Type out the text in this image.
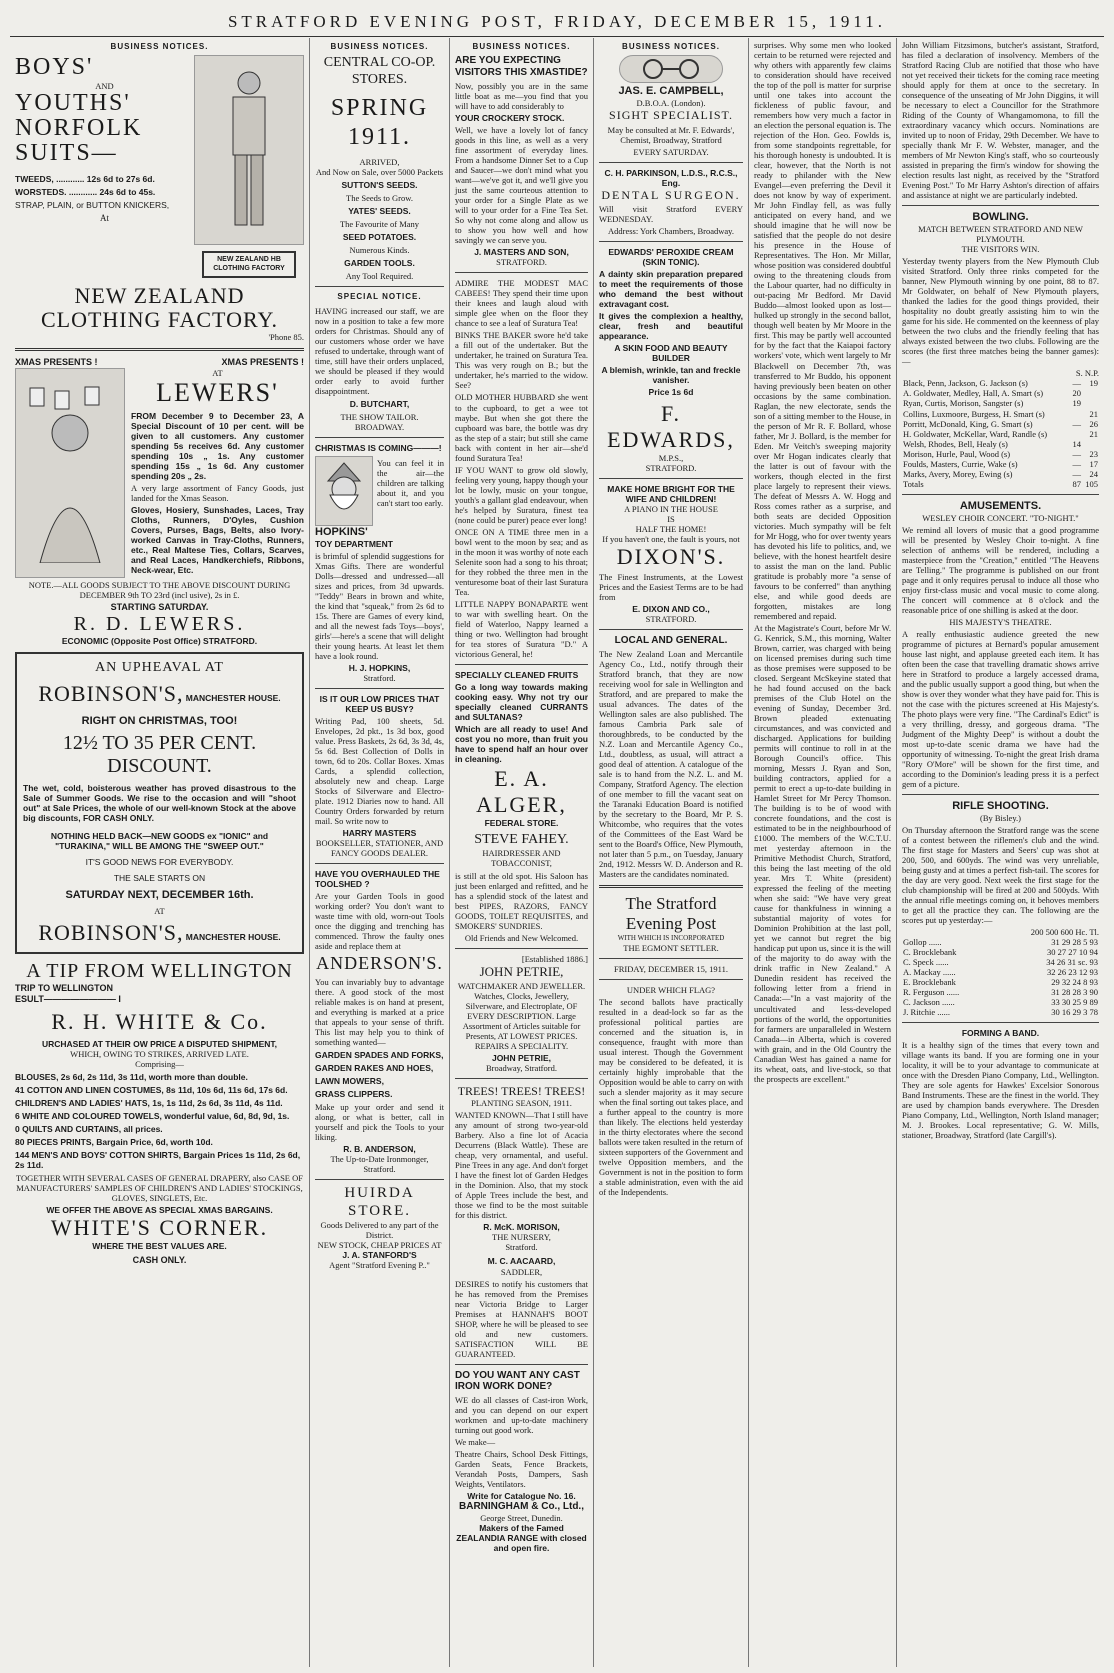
STRATFORD EVENING POST, FRIDAY, DECEMBER 15, 1911.
BUSINESS NOTICES.
BOYS'
AND
YOUTHS'
NORFOLK
SUITS—
TWEEDS, ............ 12s 6d to 27s 6d.
WORSTEDS. ............ 24s 6d to 45s.
STRAP, PLAIN, or BUTTON KNICKERS,
At
NEW ZEALAND HB CLOTHING FACTORY
NEW ZEALAND CLOTHING FACTORY.
'Phone 85.
XMAS PRESENTS !	XMAS PRESENTS !
AT
LEWERS'

FROM December 9 to December 23, A Special Discount of 10 per cent. will be given to all customers. Any customer spending 5s receives 6d. Any customer spending 10s „ 1s. Any customer spending 15s „ 1s 6d. Any customer spending 20s „ 2s.

A very large assortment of Fancy Goods, just landed for the Xmas Season.

Gloves, Hosiery, Sunshades, Laces, Tray Cloths, Runners, D'Oyles, Cushion Covers, Purses, Bags, Belts, also Ivory-worked Canvas in Tray-Cloths, Runners, etc., Real Maltese Ties, Collars, Scarves, and Real Laces, Handkerchiefs, Ribbons, Neck-wear, Etc.

NOTE.—ALL GOODS SUBJECT TO THE ABOVE DISCOUNT DURING DECEMBER 9th TO 23rd (incl usive), 2s in £.

STARTING SATURDAY.
R. D. LEWERS.
ECONOMIC (Opposite Post Office) STRATFORD.
AN UPHEAVAL AT
ROBINSON'S, MANCHESTER HOUSE.
RIGHT ON CHRISTMAS, TOO!
12½ TO 35 PER CENT. DISCOUNT.

The wet, cold, boisterous weather has proved disastrous to the Sale of Summer Goods. We rise to the occasion and will "shoot out" at Sale Prices, the whole of our well-known Stock at the above big discounts, FOR CASH ONLY.

NOTHING HELD BACK—NEW GOODS ex "IONIC" and "TURAKINA," WILL BE AMONG THE "SWEEP OUT."

IT'S GOOD NEWS FOR EVERYBODY.
THE SALE STARTS ON
SATURDAY NEXT, DECEMBER 16th.
AT
ROBINSON'S, MANCHESTER HOUSE.
A TIP FROM WELLINGTON
TRIP TO WELLINGTON
ESULT———————— I
R. H. WHITE & Co.
URCHASED AT THEIR OW PRICE A DISPUTED SHIPMENT,
WHICH, OWING TO STRIKES, ARRIVED LATE.
Comprising—
BLOUSES, 2s 6d, 2s 11d, 3s 11d, worth more than double.
41 COTTON AND LINEN COSTUMES, 8s 11d, 10s 6d, 11s 6d, 17s 6d.
CHILDREN'S AND LADIES' HATS, 1s, 1s 11d, 2s 6d, 3s 11d, 4s 11d.
6 WHITE AND COLOURED TOWELS, wonderful value, 6d, 8d, 9d, 1s.
0 QUILTS AND CURTAINS, all prices.
80 PIECES PRINTS, Bargain Price, 6d, worth 10d.
144 MEN'S AND BOYS' COTTON SHIRTS, Bargain Prices 1s 11d, 2s 6d, 2s 11d.

TOGETHER WITH SEVERAL CASES OF GENERAL DRAPERY, also CASE OF MANUFACTURERS' SAMPLES OF CHILDREN'S AND LADIES' STOCKINGS, GLOVES, SINGLETS, Etc.

WE OFFER THE ABOVE AS SPECIAL XMAS BARGAINS.
WHITE'S CORNER.
WHERE THE BEST VALUES ARE.
CASH ONLY.
BUSINESS NOTICES.
CENTRAL CO-OP. STORES.
SPRING 1911.
ARRIVED,
And Now on Sale, over 5000 Packets
SUTTON'S SEEDS.
The Seeds to Grow.
YATES' SEEDS.
The Favourite of Many
SEED POTATOES.
Numerous Kinds.
GARDEN TOOLS.
Any Tool Required.
SPECIAL NOTICE.

HAVING increased our staff, we are now in a position to take a few more orders for Christmas. Should any of our customers whose order we have refused to undertake, through want of time, still have their orders unplaced, we should be pleased if they would order early to avoid further disappointment.

D. BUTCHART,
THE SHOW TAILOR.
BROADWAY.
CHRISTMAS IS COMING———!

You can feel it in the air—the children are talking about it, and you can't start too early.

HOPKINS'
TOY DEPARTMENT

is brimful of splendid suggestions for Xmas Gifts. There are wonderful Dolls—dressed and undressed—all sizes and prices, from 3d upwards. "Teddy" Bears in brown and white, the kind that "squeak," from 2s 6d to 15s. There are Games of every kind, and all the newest fads Toys—boys', girls'—here's a scene that will delight their young hearts. At least let them have a look round.

H. J. HOPKINS,
Stratford.
IS IT OUR LOW PRICES THAT KEEP US BUSY?

Writing Pad, 100 sheets, 5d. Envelopes, 2d pkt., 1s 3d box, good value. Press Baskets, 2s 6d, 3s 3d, 4s, 5s 6d. Best Collection of Dolls in town, 6d to 20s. Collar Boxes. Xmas Cards, a splendid collection, absolutely new and cheap. Large Stocks of Silverware and Electro-plate. 1912 Diaries now to hand. All Country Orders forwarded by return mail. So write now to

HARRY MASTERS
BOOKSELLER, STATIONER, AND FANCY GOODS DEALER.
HAVE YOU OVERHAULED THE TOOLSHED ?

Are your Garden Tools in good working order? You don't want to waste time with old, worn-out Tools once the digging and trenching has commenced. Throw the faulty ones aside and replace them at

ANDERSON'S.

You can invariably buy to advantage there. A good stock of the most reliable makes is on hand at present, and everything is marked at a price that appeals to your sense of thrift. This list may help you to think of something wanted—

GARDEN SPADES AND FORKS,
GARDEN RAKES AND HOES,
LAWN MOWERS,
GRASS CLIPPERS.

Make up your order and send it along, or what is better, call in yourself and pick the Tools to your liking.

R. B. ANDERSON,
The Up-to-Date Ironmonger,
Stratford.
HUIRDA STORE.
Goods Delivered to any part of the District.
NEW STOCK, CHEAP PRICES AT
J. A. STANFORD'S
Agent "Stratford Evening P.."
BUSINESS NOTICES.
ARE YOU EXPECTING VISITORS THIS XMASTIDE?

Now, possibly you are in the same little boat as me—you find that you will have to add considerably to

YOUR CROCKERY STOCK.

Well, we have a lovely lot of fancy goods in this line, as well as a very fine assortment of everyday lines. From a handsome Dinner Set to a Cup and Saucer—we don't mind what you want—we've got it, and we'll give you just the same courteous attention to your order for a Single Plate as we will to your order for a Fine Tea Set. So why not come along and allow us to show you how well and how savingly we can serve you.

J. MASTERS AND SON,
STRATFORD.

ADMIRE THE MODEST MAC CABEES! They spend their time upon their knees and laugh aloud with simple glee when on the floor they chance to see a leaf of Suratura Tea!

BINKS THE BAKER swore he'd take a fill out of the undertaker. But the undertaker, he trained on Suratura Tea. This was very rough on B.; but the undertaker, he's married to the widow. See?

OLD MOTHER HUBBARD she went to the cupboard, to get a wee tot maybe. But when she got there the cupboard was bare, the bottle was dry as the step of a stair; but still she came back with content in her air—she'd found Suratura Tea!

IF YOU WANT to grow old slowly, feeling very young, happy though your lot be lowly, music on your tongue, youth's a gallant glad endeavour, when he's helped by Suratura, finest tea (none could be purer) peace ever long!

ONCE ON A TIME three men in a bowl went to the moon by sea; and as in the moon it was worthy of note each Selenite soon had a song to his throat; for they robbed the three men in the venturesome boat of their last Suratura Tea.

LITTLE NAPPY BONAPARTE went to war with swelling heart. On the field of Waterloo, Nappy learned a thing or two. Wellington had brought for tea stores of Suratura "D." A victorious General, he!

SPECIALLY CLEANED FRUITS

Go a long way towards making cooking easy. Why not try our specially cleaned CURRANTS and SULTANAS?

Which are all ready to use! And cost you no more, than fruit you have to spend half an hour over in cleaning.

E. A. ALGER,
FEDERAL STORE.
STEVE FAHEY.
HAIRDRESSER AND TOBACCONIST,

is still at the old spot. His Saloon has just been enlarged and refitted, and he has a splendid stock of the latest and best PIPES, RAZORS, FANCY GOODS, TOILET REQUISITES, and SMOKERS' SUNDRIES.

Old Friends and New Welcomed.
[Established 1886.]
JOHN PETRIE,

WATCHMAKER AND JEWELLER. Watches, Clocks, Jewellery, Silverware, and Electroplate, OF EVERY DESCRIPTION. Large Assortment of Articles suitable for Presents, AT LOWEST PRICES. REPAIRS A SPECIALITY.

JOHN PETRIE,
Broadway, Stratford.
TREES! TREES! TREES!
PLANTING SEASON, 1911.

WANTED KNOWN—That I still have any amount of strong two-year-old Barbery. Also a fine lot of Acacia Decurrens (Black Wattle). These are cheap, very ornamental, and useful. Pine Trees in any age. And don't forget I have the finest lot of Garden Hedges in the Dominion. Also, that my stock of Apple Trees include the best, and those we find to be the most suitable for this district.

R. McK. MORISON,
THE NURSERY,
Stratford.
M. C. AACAARD,
SADDLER,

DESIRES to notify his customers that he has removed from the Premises near Victoria Bridge to Larger Premises at HANNAH'S BOOT SHOP, where he will be pleased to see old and new customers. SATISFACTION WILL BE GUARANTEED.

DO YOU WANT ANY CAST IRON WORK DONE?

WE do all classes of Cast-iron Work, and you can depend on our expert workmen and up-to-date machinery turning out good work.

We make—

Theatre Chairs, School Desk Fittings, Garden Seats, Fence Brackets, Verandah Posts, Dampers, Sash Weights, Ventilators.

Write for Catalogue No. 16.
BARNINGHAM & Co., Ltd.,
George Street, Dunedin.
Makers of the Famed ZEALANDIA RANGE with closed and open fire.
BUSINESS NOTICES.
JAS. E. CAMPBELL,
D.B.O.A. (London).
SIGHT SPECIALIST.

May be consulted at Mr. F. Edwards', Chemist, Broadway, Stratford

EVERY SATURDAY.
C. H. PARKINSON, L.D.S., R.C.S., Eng.
DENTAL SURGEON.

Will visit Stratford EVERY WEDNESDAY.

Address: York Chambers, Broadway.
EDWARDS' PEROXIDE CREAM (SKIN TONIC).

A dainty skin preparation prepared to meet the requirements of those who demand the best without extravagant cost.

It gives the complexion a healthy, clear, fresh and beautiful appearance.

A SKIN FOOD AND BEAUTY BUILDER

A blemish, wrinkle, tan and freckle vanisher.

Price 1s 6d
F. EDWARDS,
M.P.S.,
STRATFORD.
MAKE HOME BRIGHT FOR THE WIFE AND CHILDREN!
A PIANO IN THE HOUSE
IS
HALF THE HOME!
If you haven't one, the fault is yours, not
DIXON'S.

The Finest Instruments, at the Lowest Prices and the Easiest Terms are to be had from

E. DIXON AND CO.,
STRATFORD.
LOCAL AND GENERAL.

The New Zealand Loan and Mercantile Agency Co., Ltd., notify through their Stratford branch, that they are now receiving wool for sale in Wellington and Stratford, and are prepared to make the usual advances. The dates of the Wellington sales are also published. The famous Cambria Park sale of thoroughbreds, to be conducted by the N.Z. Loan and Mercantile Agency Co., Ltd., doubtless, as usual, will attract a good deal of attention. A catalogue of the sale is to hand from the N.Z. L. and M. Company, Stratford Agency. The election of one member to fill the vacant seat on the Taranaki Education Board is notified by the secretary to the Board, Mr P. S. Whitcombe, who requires that the votes of the Committees of the East Ward be sent to the Board's Office, New Plymouth, not later than 5 p.m., on Tuesday, January 2nd, 1912. Messrs W. D. Anderson and R. Masters are the candidates nominated.

The Stratford Evening Post
WITH WHICH IS INCORPORATED
THE EGMONT SETTLER.
FRIDAY, DECEMBER 15, 1911.
UNDER WHICH FLAG?

The second ballots have practically resulted in a dead-lock so far as the professional political parties are concerned and the situation is, in consequence, fraught with more than usual interest. Though the Government may be considered to be defeated, it is certainly highly improbable that the Opposition would be able to carry on with such a slender majority as it may secure when the final sorting out takes place, and a further appeal to the country is more than likely. The elections held yesterday in the thirty electorates where the second ballots were taken resulted in the return of sixteen supporters of the Government and twelve Opposition members, and the Government is not in the position to form a stable administration, even with the aid of the Independents.

surprises. Why some men who looked certain to be returned were rejected and why others with apparently few claims to consideration should have received the top of the poll is matter for surprise until one takes into account the fickleness of public favour, and remembers how very much a factor in an election the personal equation is. The rejection of the Hon. Geo. Fowlds is, from some standpoints regrettable, for his thorough honesty is undoubted. It is clear, however, that the North is not ready to philander with the New Evangel—even preferring the Devil it does not know by way of experiment. Mr John Findlay fell, as was fully anticipated on every hand, and we should imagine that he will now be satisfied that the people do not desire his presence in the House of Representatives. The Hon. Mr Millar, whose position was considered doubtful owing to the threatening clouds from the Labour quarter, had no difficulty in out-pacing Mr Bedford. Mr David Buddo—almost looked upon as lost—hulked up strongly in the second ballot, though well beaten by Mr Moore in the first. This may be partly well accounted for by the fact that the Kaiapoi factory workers' vote, which went largely to Mr Blackwell on December 7th, was transferred to Mr Buddo, his opponent having previously been beaten on other occasions by the same combination. Raglan, the new electorate, sends the son of a sitting member to the House, in the person of Mr R. F. Bollard, whose father, Mr J. Bollard, is the member for Eden. Mr Veitch's sweeping majority over Mr Hogan indicates clearly that the latter is out of favour with the workers, though elected in the first place largely to represent their views. The defeat of Messrs A. W. Hogg and Ross comes rather as a surprise, and both seats are decided Opposition victories. Much sympathy will be felt for Mr Hogg, who for over twenty years has devoted his life to politics, and, we believe, with the honest heartfelt desire to assist the man on the land. Public gratitude is probably more "a sense of favours to be conferred" than anything else, and while good deeds are forgotten, mistakes are long remembered and repaid.

At the Magistrate's Court, before Mr W. G. Kenrick, S.M., this morning, Walter Brown, carrier, was charged with being on licensed premises during such time as those premises were supposed to be closed. Sergeant McSkeyine stated that he had found accused on the back premises of the Club Hotel on the evening of Sunday, December 3rd. Brown pleaded extenuating circumstances, and was convicted and discharged. Applications for building permits will continue to roll in at the Borough Council's office. This morning, Messrs J. Ryan and Son, building contractors, applied for a permit to erect a up-to-date building in Hamlet Street for Mr Percy Thomson. The building is to be of wood with concrete foundations, and the cost is estimated to be in the neighbourhood of £1000. The members of the W.C.T.U. met yesterday afternoon in the Primitive Methodist Church, Stratford, this being the last meeting of the old year. Mrs T. White (president) expressed the feeling of the meeting when she said: "We have very great cause for thankfulness in winning a substantial majority of votes for Dominion Prohibition at the last poll, yet we cannot but regret the big handicap put upon us, since it is the will of the majority to do away with the drink traffic in New Zealand." A Dunedin resident has received the following letter from a friend in Canada:—"In a vast majority of the uncultivated and less-developed portions of the world, the opportunities for farmers are unparalleled in Western Canada—in Alberta, which is covered with grain, and in the Old Country the Canadian West has gained a name for its wheat, oats, and live-stock, so that the prospects are excellent."

John William Fitzsimons, butcher's assistant, Stratford, has filed a declaration of insolvency. Members of the Stratford Racing Club are notified that those who have not yet received their tickets for the coming race meeting should apply for them at once to the secretary. In consequence of the unseating of Mr John Diggins, it will be necessary to elect a Councillor for the Strathmore Riding of the County of Whangamomona, to fill the extraordinary vacancy which occurs. Nominations are invited up to noon of Friday, 29th December. We have to specially thank Mr F. W. Webster, manager, and the members of Mr Newton King's staff, who so courteously assisted in preparing the firm's window for showing the election results last night, as received by the "Stratford Evening Post." To Mr Harry Ashton's direction of affairs and assistance at night we are particularly indebted.

BOWLING.
MATCH BETWEEN STRATFORD AND NEW PLYMOUTH.
THE VISITORS WIN.

Yesterday twenty players from the New Plymouth Club visited Stratford. Only three rinks competed for the banner, New Plymouth winning by one point, 88 to 87. Mr Goldwater, on behalf of New Plymouth players, thanked the ladies for the good things provided, their hospitality no doubt greatly assisting him to win the game for his side. He commented on the keenness of play between the two clubs and the friendly feeling that has always existed between the two clubs. Following are the scores (the first three matches being the banner games):—

S. N.P.
Black, Penn, Jackson, G. Jackson (s)	—	19
A. Goldwater, Medley, Hall, A. Smart (s)	20	
Ryan, Curtis, Morison, Sangster (s)	19	
Collins, Luxmoore, Burgess, H. Smart (s)		21
Porritt, McDonald, King, G. Smart (s)	—	26
H. Goldwater, McKellar, Ward, Randle (s)		21
Welsh, Rhodes, Bell, Healy (s)	14	
Morison, Hurle, Paul, Wood (s)	—	23
Foulds, Masters, Currie, Wake (s)	—	17
Marks, Avery, Morey, Ewing (s)	—	24
Totals	87	105
AMUSEMENTS.
WESLEY CHOIR CONCERT. "TO-NIGHT."

We remind all lovers of music that a good programme will be presented by Wesley Choir to-night. A fine selection of anthems will be rendered, including a masterpiece from the "Creation," entitled "The Heavens are Telling." The programme is published on our front page and it only requires perusal to induce all those who enjoy first-class music and vocal music to come along. The concert will commence at 8 o'clock and the reasonable price of one shilling is asked at the door.

HIS MAJESTY'S THEATRE.

A really enthusiastic audience greeted the new programme of pictures at Bernard's popular amusement house last night, and applause greeted each item. It has often been the case that travelling dramatic shows arrive here in Stratford to produce a largely accessed drama, and the public usually support a good thing, but when the show is over they wonder what they have paid for. This is not the case with the pictures screened at His Majesty's. The photo plays were very fine. "The Cardinal's Edict" is a very thrilling, dressy, and gorgeous drama. "The Judgment of the Mighty Deep" is without a doubt the most up-to-date scenic drama we have had the opportunity of witnessing. To-night the great Irish drama "Rory O'More" will be shown for the first time, and according to the Dominion's leading press it is a perfect gem of a picture.

RIFLE SHOOTING.
(By Bisley.)

On Thursday afternoon the Stratford range was the scene of a contest between the riflemen's club and the wind. The first stage for Masters and Seers' cup was shot at 200, 500, and 600yds. The wind was very unreliable, being gusty and at times a perfect fish-tail. The scores for the day are very good. Next week the first stage for the club championship will be fired at 200 and 500yds. With the annual rifle meetings coming on, it behoves members to get all the practice they can. The following are the scores put up yesterday:—

200 500 600 Hc. Tl.
Gollop ......	31 29 28 5 93
C. Brocklebank	30 27 27 10 94
C. Speck ......	34 26 31 sc. 93
A. Mackay ......	32 26 23 12 93
E. Brocklebank	29 32 24 8 93
R. Ferguson ......	31 28 28 3 90
C. Jackson ......	33 30 25 9 89
J. Ritchie ......	30 16 29 3 78
FORMING A BAND.

It is a healthy sign of the times that every town and village wants its band. If you are forming one in your locality, it will be to your advantage to communicate at once with the Dresden Piano Company, Ltd., Wellington. They are sole agents for Hawkes' Excelsior Sonorous Band Instruments. These are the finest in the world. They are used by champion bands everywhere. The Dresden Piano Company, Ltd., Wellington, North Island manager; M. J. Brookes. Local representative; G. W. Mills, stationer, Broadway, Stratford (late Cargill's).
